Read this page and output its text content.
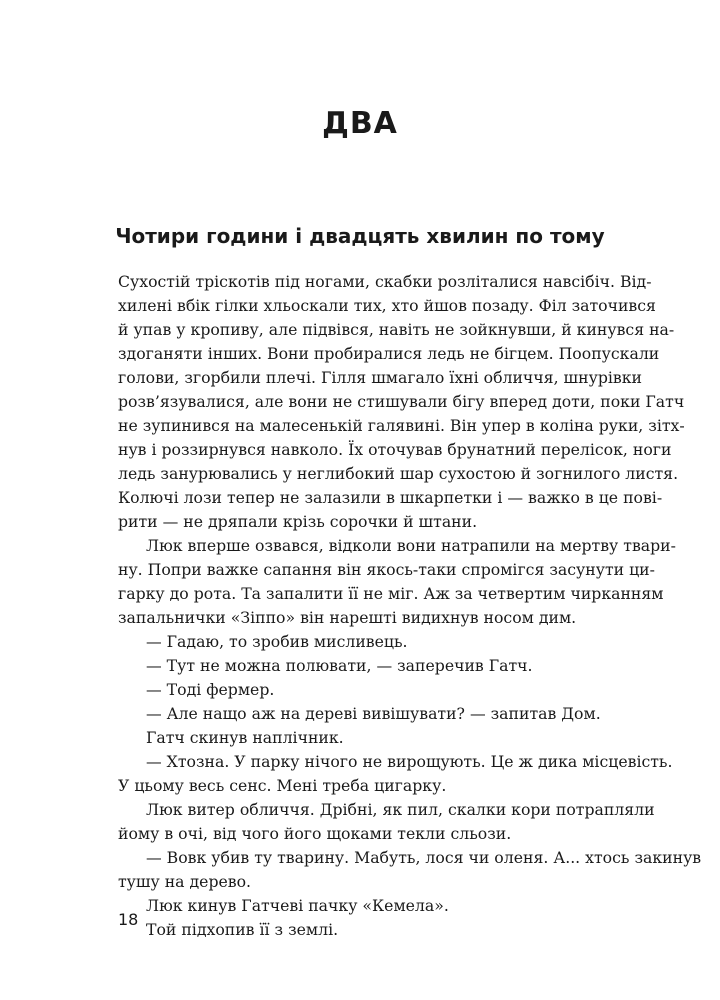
ДВА
Чотири години і двадцять хвилин по тому
Сухостій тріскотів під ногами, скабки розліталися навсібіч. Від-
хилені вбік гілки хльоскали тих, хто йшов позаду. Філ заточився
й упав у кропиву, але підвівся, навіть не зойкнувши, й кинувся на-
здоганяти інших. Вони пробиралися ледь не бігцем. Поопускали
голови, згорбили плечі. Гілля шмагало їхні обличчя, шнурівки
розв’язувалися, але вони не стишували бігу вперед доти, поки Гатч
не зупинився на малесенькій галявині. Він упер в коліна руки, зітх-
нув і роззирнувся навколо. Їх оточував брунатний перелісок, ноги
ледь занурювались у неглибокий шар сухостою й зогнилого листя.
Колючі лози тепер не залазили в шкарпетки і — важко в це пові-
рити — не дряпали крізь сорочки й штани.
Люк вперше озвався, відколи вони натрапили на мертву твари-
ну. Попри важке сапання він якось-таки спромігся засунути ци-
гарку до рота. Та запалити її не міг. Аж за четвертим чирканням
запальнички «Зіппо» він нарешті видихнув носом дим.
— Гадаю, то зробив мисливець.
— Тут не можна полювати, — заперечив Гатч.
— Тоді фермер.
— Але нащо аж на дереві вивішувати? — запитав Дом.
Гатч скинув наплічник.
— Хтозна. У парку нічого не вирощують. Це ж дика місцевість.
У цьому весь сенс. Мені треба цигарку.
Люк витер обличчя. Дрібні, як пил, скалки кори потрапляли
йому в очі, від чого його щоками текли сльози.
— Вовк убив ту тварину. Мабуть, лося чи оленя. А... хтось закинув
тушу на дерево.
Люк кинув Гатчеві пачку «Кемела».
Той підхопив її з землі.
18
